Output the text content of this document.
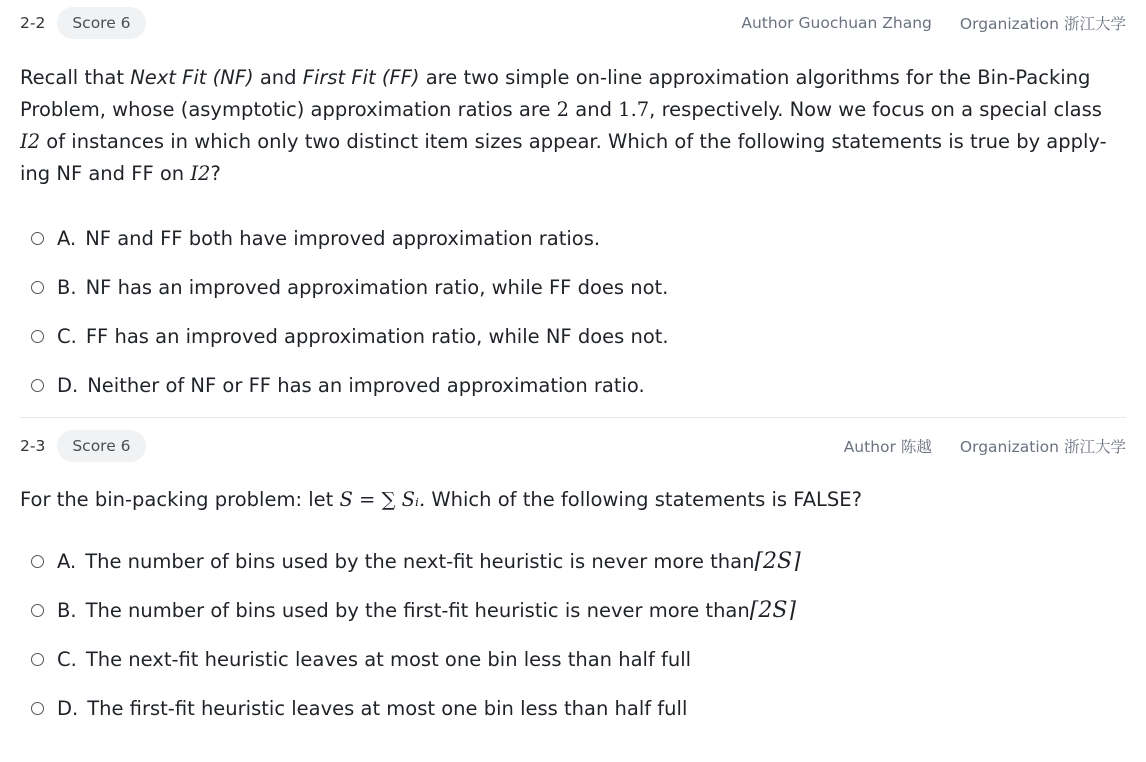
2-2	Score 6	Author Guochuan Zhang Organization 浙江大学
Recall that Next Fit (NF) and First Fit (FF) are two simple on-line approximation algorithms for the Bin-Packing Problem, whose (asymptotic) approximation ratios are 2 and 1.7, respectively. Now we focus on a special class I2 of instances in which only two distinct item sizes appear. Which of the following statements is true by apply-ing NF and FF on I2?
A. NF and FF both have improved approximation ratios.
B. NF has an improved approximation ratio, while FF does not.
C. FF has an improved approximation ratio, while NF does not.
D. Neither of NF or FF has an improved approximation ratio.
2-3	Score 6	Author 陈越 Organization 浙江大学
For the bin-packing problem: let S = ∑ Sᵢ. Which of the following statements is FALSE?
A. The number of bins used by the next-fit heuristic is never more than ⌈2S⌉
B. The number of bins used by the first-fit heuristic is never more than ⌈2S⌉
C. The next-fit heuristic leaves at most one bin less than half full
D. The first-fit heuristic leaves at most one bin less than half full
